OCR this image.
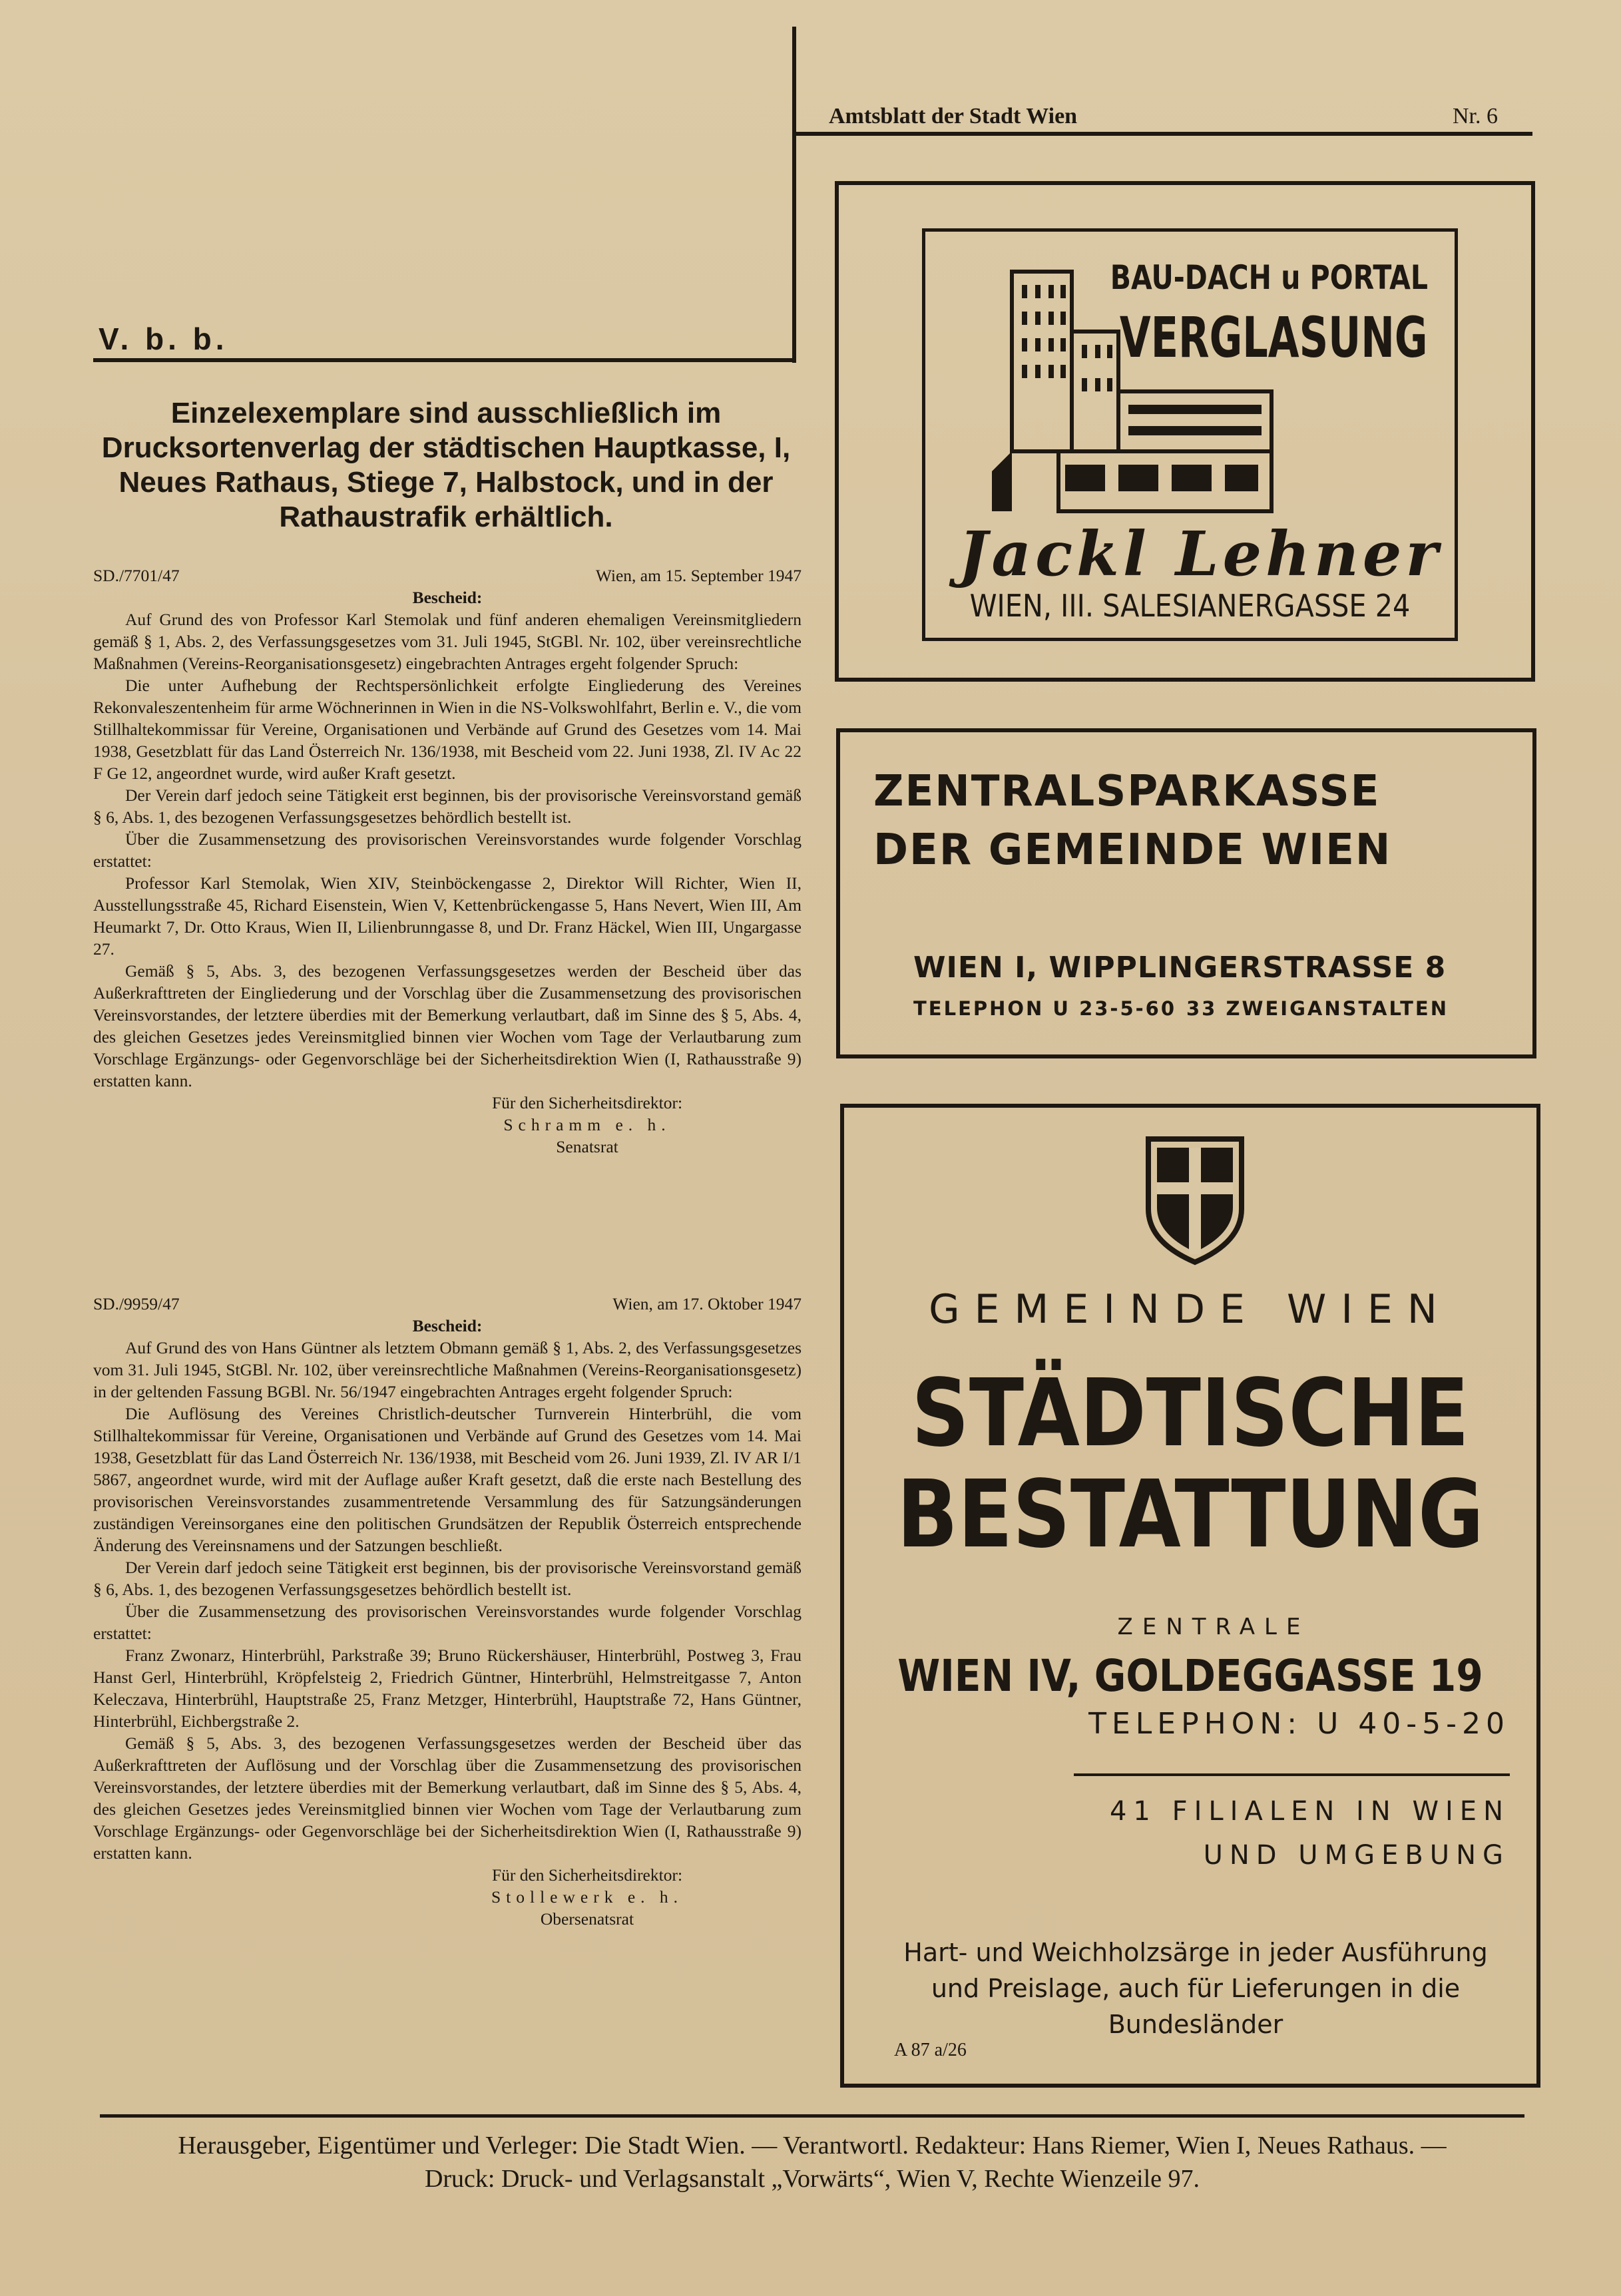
Amtsblatt der Stadt Wien	Nr. 6
V. b. b.
Einzelexemplare sind ausschließlich im Drucksortenverlag der städtischen Hauptkasse, I, Neues Rathaus, Stiege 7, Halbstock, und in der Rathaustrafik erhältlich.

SD./7701/47	Wien, am 15. September 1947

Bescheid:

Auf Grund des von Professor Karl Stemolak und fünf anderen ehemaligen Vereinsmitgliedern gemäß § 1, Abs. 2, des Verfassungsgesetzes vom 31. Juli 1945, StGBl. Nr. 102, über vereinsrechtliche Maßnahmen (Vereins-Reorganisationsgesetz) eingebrachten Antrages ergeht folgender Spruch:

Die unter Aufhebung der Rechtspersönlichkeit erfolgte Eingliederung des Vereines Rekonvaleszentenheim für arme Wöchnerinnen in Wien in die NS-Volkswohlfahrt, Berlin e. V., die vom Stillhaltekommissar für Vereine, Organisationen und Verbände auf Grund des Gesetzes vom 14. Mai 1938, Gesetzblatt für das Land Österreich Nr. 136/1938, mit Bescheid vom 22. Juni 1938, Zl. IV Ac 22 F Ge 12, angeordnet wurde, wird außer Kraft gesetzt.

Der Verein darf jedoch seine Tätigkeit erst beginnen, bis der provisorische Vereinsvorstand gemäß § 6, Abs. 1, des bezogenen Verfassungsgesetzes behördlich bestellt ist.

Über die Zusammensetzung des provisorischen Vereinsvorstandes wurde folgender Vorschlag erstattet:

Professor Karl Stemolak, Wien XIV, Steinböckengasse 2, Direktor Will Richter, Wien II, Ausstellungsstraße 45, Richard Eisenstein, Wien V, Kettenbrückengasse 5, Hans Nevert, Wien III, Am Heumarkt 7, Dr. Otto Kraus, Wien II, Lilienbrunngasse 8, und Dr. Franz Häckel, Wien III, Ungargasse 27.

Gemäß § 5, Abs. 3, des bezogenen Verfassungsgesetzes werden der Bescheid über das Außerkrafttreten der Eingliederung und der Vorschlag über die Zusammensetzung des provisorischen Vereinsvorstandes, der letztere überdies mit der Bemerkung verlautbart, daß im Sinne des § 5, Abs. 4, des gleichen Gesetzes jedes Vereinsmitglied binnen vier Wochen vom Tage der Verlautbarung zum Vorschlage Ergänzungs- oder Gegenvorschläge bei der Sicherheitsdirektion Wien (I, Rathausstraße 9) erstatten kann.

Für den Sicherheitsdirektor:

Schramm e. h.

Senatsrat

SD./9959/47	Wien, am 17. Oktober 1947

Bescheid:

Auf Grund des von Hans Güntner als letztem Obmann gemäß § 1, Abs. 2, des Verfassungsgesetzes vom 31. Juli 1945, StGBl. Nr. 102, über vereinsrechtliche Maßnahmen (Vereins-Reorganisationsgesetz) in der geltenden Fassung BGBl. Nr. 56/1947 eingebrachten Antrages ergeht folgender Spruch:

Die Auflösung des Vereines Christlich-deutscher Turnverein Hinterbrühl, die vom Stillhaltekommissar für Vereine, Organisationen und Verbände auf Grund des Gesetzes vom 14. Mai 1938, Gesetzblatt für das Land Österreich Nr. 136/1938, mit Bescheid vom 26. Juni 1939, Zl. IV AR I/1 5867, angeordnet wurde, wird mit der Auflage außer Kraft gesetzt, daß die erste nach Bestellung des provisorischen Vereinsvorstandes zusammentretende Versammlung des für Satzungsänderungen zuständigen Vereinsorganes eine den politischen Grundsätzen der Republik Österreich entsprechende Änderung des Vereinsnamens und der Satzungen beschließt.

Der Verein darf jedoch seine Tätigkeit erst beginnen, bis der provisorische Vereinsvorstand gemäß § 6, Abs. 1, des bezogenen Verfassungsgesetzes behördlich bestellt ist.

Über die Zusammensetzung des provisorischen Vereinsvorstandes wurde folgender Vorschlag erstattet:

Franz Zwonarz, Hinterbrühl, Parkstraße 39; Bruno Rückershäuser, Hinterbrühl, Postweg 3, Frau Hanst Gerl, Hinterbrühl, Kröpfelsteig 2, Friedrich Güntner, Hinterbrühl, Helmstreitgasse 7, Anton Keleczava, Hinterbrühl, Hauptstraße 25, Franz Metzger, Hinterbrühl, Hauptstraße 72, Hans Güntner, Hinterbrühl, Eichbergstraße 2.

Gemäß § 5, Abs. 3, des bezogenen Verfassungsgesetzes werden der Bescheid über das Außerkrafttreten der Auflösung und der Vorschlag über die Zusammensetzung des provisorischen Vereinsvorstandes, der letztere überdies mit der Bemerkung verlautbart, daß im Sinne des § 5, Abs. 4, des gleichen Gesetzes jedes Vereinsmitglied binnen vier Wochen vom Tage der Verlautbarung zum Vorschlage Ergänzungs- oder Gegenvorschläge bei der Sicherheitsdirektion Wien (I, Rathausstraße 9) erstatten kann.

Für den Sicherheitsdirektor:

Stollewerk e. h.

Obersenatsrat

BAU-DACH u PORTAL
VERGLASUNG
Jackl Lehner
WIEN, III. SALESIANERGASSE 24
ZENTRALSPARKASSE
DER GEMEINDE WIEN
WIEN I, WIPPLINGERSTRASSE 8
TELEPHON U 23-5-60 33 ZWEIGANSTALTEN
GEMEINDE WIEN
STÄDTISCHE
BESTATTUNG
ZENTRALE
WIEN IV, GOLDEGGASSE 19
TELEPHON: U 40-5-20
41 FILIALEN IN WIEN
UND UMGEBUNG
Hart- und Weichholzsärge in jeder Ausführung und Preislage, auch für Lieferungen in die Bundesländer
A 87 a/26
Herausgeber, Eigentümer und Verleger: Die Stadt Wien. — Verantwortl. Redakteur: Hans Riemer, Wien I, Neues Rathaus. —
Druck: Druck- und Verlagsanstalt „Vorwärts“, Wien V, Rechte Wienzeile 97.
